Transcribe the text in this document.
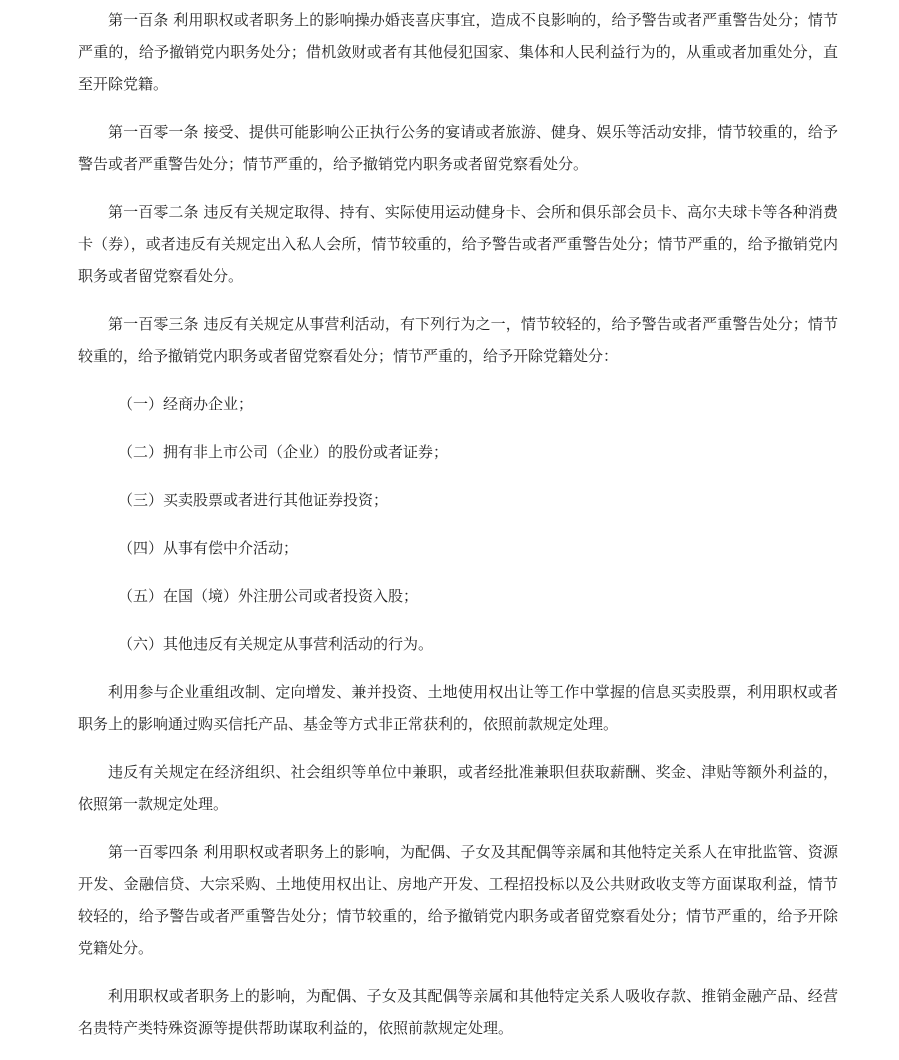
第一百条 利用职权或者职务上的影响操办婚丧喜庆事宜，造成不良影响的，给予警告或者严重警告处分；情节严重的，给予撤销党内职务处分；借机敛财或者有其他侵犯国家、集体和人民利益行为的，从重或者加重处分，直至开除党籍。

第一百零一条 接受、提供可能影响公正执行公务的宴请或者旅游、健身、娱乐等活动安排，情节较重的，给予警告或者严重警告处分；情节严重的，给予撤销党内职务或者留党察看处分。

第一百零二条 违反有关规定取得、持有、实际使用运动健身卡、会所和俱乐部会员卡、高尔夫球卡等各种消费卡（券），或者违反有关规定出入私人会所，情节较重的，给予警告或者严重警告处分；情节严重的，给予撤销党内职务或者留党察看处分。

第一百零三条 违反有关规定从事营利活动，有下列行为之一，情节较轻的，给予警告或者严重警告处分；情节较重的，给予撤销党内职务或者留党察看处分；情节严重的，给予开除党籍处分：

（一）经商办企业；

（二）拥有非上市公司（企业）的股份或者证券；

（三）买卖股票或者进行其他证券投资；

（四）从事有偿中介活动；

（五）在国（境）外注册公司或者投资入股；

（六）其他违反有关规定从事营利活动的行为。

利用参与企业重组改制、定向增发、兼并投资、土地使用权出让等工作中掌握的信息买卖股票，利用职权或者职务上的影响通过购买信托产品、基金等方式非正常获利的，依照前款规定处理。

违反有关规定在经济组织、社会组织等单位中兼职，或者经批准兼职但获取薪酬、奖金、津贴等额外利益的，依照第一款规定处理。

第一百零四条 利用职权或者职务上的影响，为配偶、子女及其配偶等亲属和其他特定关系人在审批监管、资源开发、金融信贷、大宗采购、土地使用权出让、房地产开发、工程招投标以及公共财政收支等方面谋取利益，情节较轻的，给予警告或者严重警告处分；情节较重的，给予撤销党内职务或者留党察看处分；情节严重的，给予开除党籍处分。

利用职权或者职务上的影响，为配偶、子女及其配偶等亲属和其他特定关系人吸收存款、推销金融产品、经营名贵特产类特殊资源等提供帮助谋取利益的，依照前款规定处理。
